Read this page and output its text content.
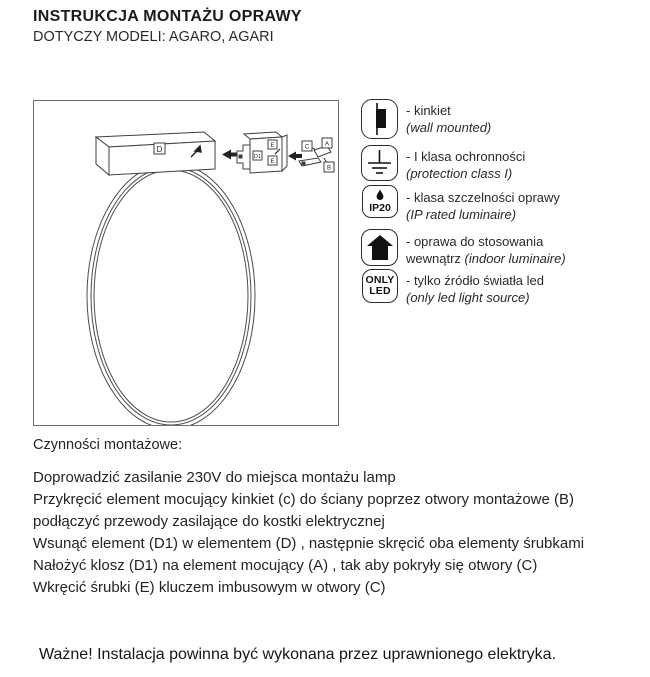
INSTRUKCJA MONTAŻU OPRAWY
DOTYCZY MODELI: AGARO, AGARI
D
D1
E
E
C	A
B
- kinkiet
(wall mounted)
- I klasa ochronności
(protection class I)
IP20
- klasa szczelności oprawy
(IP rated luminaire)
- oprawa do stosowania
wewnątrz (indoor luminaire)
ONLY
LED
- tylko źródło światła led
(only led light source)
Czynności montażowe:
Doprowadzić zasilanie 230V do miejsca montażu lamp
Przykręcić element mocujący kinkiet (c) do ściany poprzez otwory montażowe (B)
podłączyć przewody zasilające do kostki elektrycznej
Wsunąć element (D1) w elementem (D) , następnie skręcić oba elementy śrubkami
Nałożyć klosz (D1) na element mocujący (A) , tak aby pokryły się otwory (C)
Wkręcić śrubki (E) kluczem imbusowym w otwory (C)
Ważne! Instalacja powinna być wykonana przez uprawnionego elektryka.
